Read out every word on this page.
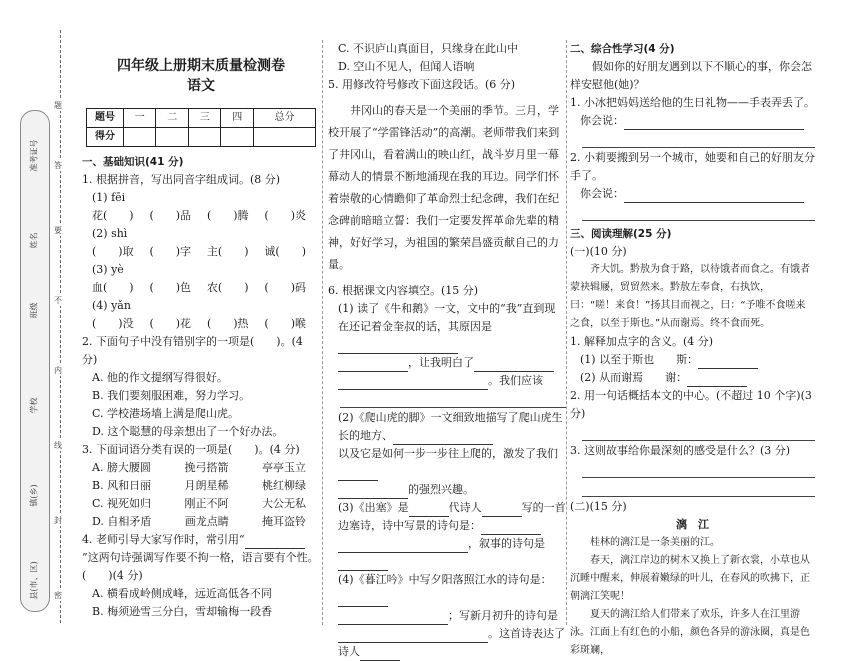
县(市、区)
镇(乡)
学校
班级
姓名
准考证号
密
封
线
内
不
要
答
题
四年级上册期末质量检测卷
语文
题号	一	二	三	四	总分
得分					
一、基础知识(41 分)

1. 根据拼音，写出同音字组成词。(8 分)

(1) fēi

花(　　) (　　)品 (　　)腾 (　　)炎

(2) shì

(　　)取 (　　)字 主(　　) 诚(　　)

(3) yè

血(　　) (　　)色 农(　　) (　　)码

(4) yǎn

(　　)没 (　　)花 (　　)热 (　　)喉

2. 下面句子中没有错别字的一项是(　　)。(4 分)

A. 他的作文提纲写得很好。

B. 我们要刻服困难，努力学习。

C. 学校港场墙上满是爬山虎。

D. 这个聪慧的母亲想出了一个好办法。

3. 下面词语分类有误的一项是(　　)。(4 分)

A. 膀大腰圆	挽弓搭箭	亭亭玉立
B. 风和日丽	月朗星稀	桃红柳绿
C. 视死如归	刚正不阿	大公无私
D. 自相矛盾	画龙点睛	掩耳盗铃

4. 老师引导大家写作时，常引用“”这两句诗强调写作要不拘一格，语言要有个性。(　　)(4 分)

A. 横看成岭侧成峰，远近高低各不同

B. 梅须逊雪三分白，雪却输梅一段香

C. 不识庐山真面目，只缘身在此山中

D. 空山不见人，但闻人语响

5. 用修改符号修改下面这段话。(6 分)

井冈山的春天是一个美丽的季节。三月，学校开展了“学雷锋活动”的高潮。老师带我们来到了井冈山，看着满山的映山红，战斗岁月里一幕幕动人的情景不断地涌现在我的耳边。同学们怀着崇敬的心情瞻仰了革命烈士纪念碑，我们在纪念碑前暗暗立誓：我们一定要发挥革命先辈的精神，好好学习，为祖国的繁荣昌盛贡献自己的力量。

6. 根据课文内容填空。(15 分)

(1) 读了《牛和鹅》一文，文中的“我”直到现在还记着金奎叔的话，其原因是

，让我明白了

。我们应该

(2)《爬山虎的脚》一文细致地描写了爬山虎生长的地方、

以及它是如何一步一步往上爬的，激发了我们

的强烈兴趣。

(3)《出塞》是	代诗人	写的一首边塞诗，诗中写景的诗句是：

，叙事的诗句是

(4)《暮江吟》中写夕阳落照江水的诗句是：

；写新月初升的诗句是

。这首诗表达了诗人

二、综合性学习(4 分)

假如你的好朋友遇到以下不顺心的事，你会怎样安慰他(她)？

1. 小冰把妈妈送给他的生日礼物——手表弄丢了。

你会说：

2. 小莉要搬到另一个城市，她要和自己的好朋友分手了。

你会说：

三、阅读理解(25 分)

(一)(10 分)

齐大饥。黔敖为食于路，以待饿者而食之。有饿者蒙袂辑屦，贸贸然来。黔敖左奉食，右执饮，曰：“嗟！来食！”扬其目而视之，曰：“予唯不食嗟来之食，以至于斯也。”从而谢焉。终不食而死。

1. 解释加点字的含义。(4 分)

(1) 以至于斯也　　斯：

(2) 从而谢焉　　谢：

2. 用一句话概括本文的中心。(不超过 10 个字)(3 分)

3. 这则故事给你最深刻的感受是什么？(3 分)

(二)(15 分)

漓　江

桂林的漓江是一条美丽的江。

春天，漓江岸边的树木又换上了新衣裳，小草也从沉睡中醒来，伸展着嫩绿的叶儿，在春风的吹拂下，正朝漓江笑呢！

夏天的漓江给人们带来了欢乐，许多人在江里游泳。江面上有红色的小船，颜色各异的游泳圈，真是色彩斑斓，
